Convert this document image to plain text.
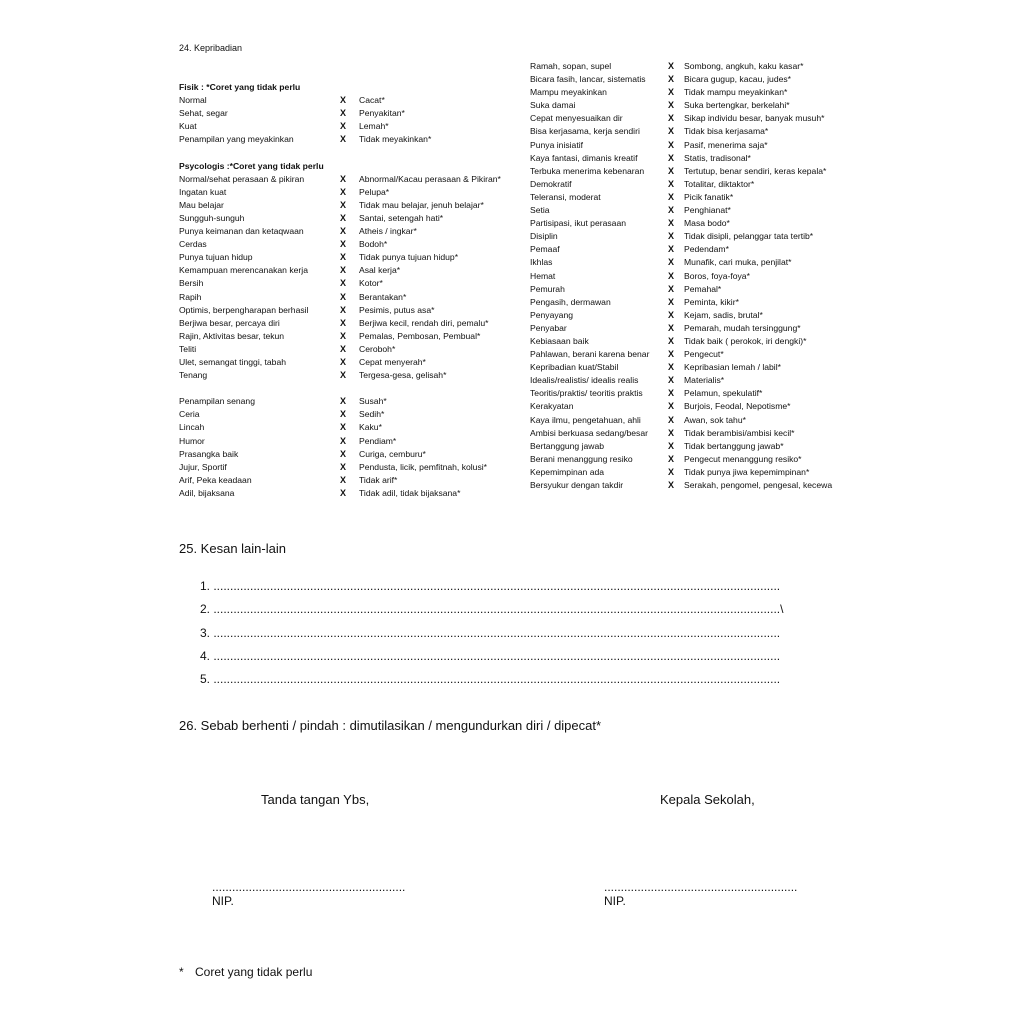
24. Kepribadian
Fisik : *Coret yang tidak perlu
Normal	X Cacat*
Sehat, segar	X Penyakitan*
Kuat	X Lemah*
Penampilan yang meyakinkan	X Tidak meyakinkan*
Psycologis :*Coret yang tidak perlu
Normal/sehat perasaan & pikiran	X Abnormal/Kacau perasaan & Pikiran*
Ingatan kuat	X Pelupa*
Mau belajar	X Tidak mau belajar, jenuh belajar*
Sungguh-sunguh	X Santai, setengah hati*
Punya keimanan dan ketaqwaan	X Atheis / ingkar*
Cerdas	X Bodoh*
Punya tujuan hidup	X Tidak punya tujuan hidup*
Kemampuan merencanakan kerja	X Asal kerja*
Bersih	X Kotor*
Rapih	X Berantakan*
Optimis, berpengharapan berhasil	X Pesimis, putus asa*
Berjiwa besar, percaya diri	X Berjiwa kecil, rendah diri, pemalu*
Rajin, Aktivitas besar, tekun	X Pemalas, Pembosan, Pembual*
Teliti	X Ceroboh*
Ulet, semangat tinggi, tabah	X Cepat menyerah*
Tenang	X Tergesa-gesa, gelisah*
Penampilan senang	X Susah*
Ceria	X Sedih*
Lincah	X Kaku*
Humor	X Pendiam*
Prasangka baik	X Curiga, cemburu*
Jujur, Sportif	X Pendusta, licik, pemfitnah, kolusi*
Arif, Peka keadaan	X Tidak arif*
Adil, bijaksana	X Tidak adil, tidak bijaksana*
Ramah, sopan, supel	X Sombong, angkuh, kaku kasar*
Bicara fasih, lancar, sistematis X Bicara gugup, kacau, judes*
Mampu meyakinkan	X Tidak mampu meyakinkan*
Suka damai	X Suka bertengkar, berkelahi*
Cepat menyesuaikan dir	X Sikap individu besar, banyak musuh*
Bisa kerjasama, kerja sendiri	X Tidak bisa kerjasama*
Punya inisiatif	X Pasif, menerima saja*
Kaya fantasi, dimanis kreatif	X Statis, tradisonal*
Terbuka menerima kebenaran	X Tertutup, benar sendiri, keras kepala*
Demokratif	X Totalitar, diktaktor*
Teleransi, moderat	X Picik fanatik*
Setia	X Penghianat*
Partisipasi, ikut perasaan	X Masa bodo*
Disiplin	X Tidak disipli, pelanggar tata tertib*
Pemaaf	X Pedendam*
Ikhlas	X Munafik, cari muka, penjilat*
Hemat	X Boros, foya-foya*
Pemurah	X Pemahal*
Pengasih, dermawan	X Peminta, kikir*
Penyayang	X Kejam, sadis, brutal*
Penyabar	X Pemarah, mudah tersinggung*
Kebiasaan baik	X Tidak baik ( perokok, iri dengki)*
Pahlawan, berani karena benar X Pengecut*
Kepribadian kuat/Stabil	X Kepribasian lemah / labil*
Idealis/realistis/ idealis realis	X Materialis*
Teoritis/praktis/ teoritis praktis	X Pelamun, spekulatif*
Kerakyatan	X Burjois, Feodal, Nepotisme*
Kaya ilmu, pengetahuan, ahli	X Awan, sok tahu*
Ambisi berkuasa sedang/besar X Tidak berambisi/ambisi kecil*
Bertanggung jawab	X Tidak bertanggung jawab*
Berani menanggung resiko	X Pengecut menanggung resiko*
Kepemimpinan ada	X Tidak punya jiwa kepemimpinan*
Bersyukur dengan takdir	X Serakah, pengomel, pengesal, kecewa
25. Kesan lain-lain
1. ..........................................................................................................................................................................
2. ..........................................................................................................................................................................\
3. ..........................................................................................................................................................................
4. ..........................................................................................................................................................................
5. ..........................................................................................................................................................................
26. Sebab berhenti / pindah : dimutilasikan / mengundurkan diri / dipecat*
Tanda tangan Ybs,	Kepala Sekolah,
..........................................................	..........................................................
NIP.	NIP.
* Coret yang tidak perlu
